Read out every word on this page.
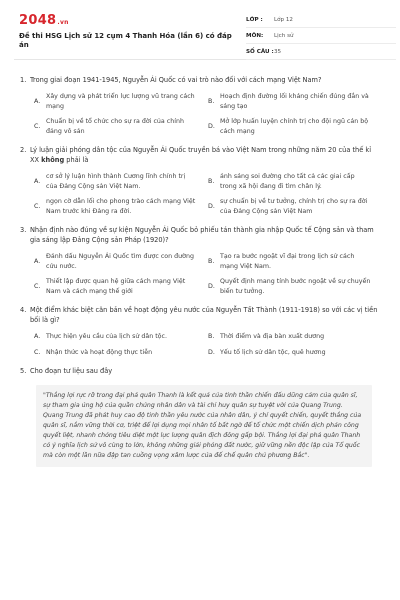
2048.vn
Đề thi HSG Lịch sử 12 cụm 4 Thanh Hóa (lần 6) có đáp án
LỚP :	Lớp 12
MÔN:	Lịch sử
SỐ CÂU : 35
1. Trong giai đoạn 1941-1945, Nguyễn Ái Quốc có vai trò nào đối với cách mạng Việt Nam?
A.
Xây dựng và phát triển lực lượng vũ trang cách mạng
B.
Hoạch định đường lối kháng chiến đúng đắn và sáng tạo
C.
Chuẩn bị về tổ chức cho sự ra đời của chính đảng vô sản
D.
Mở lớp huấn luyện chính trị cho đội ngũ cán bộ cách mạng
2. Lý luận giải phóng dân tộc của Nguyễn Ái Quốc truyền bá vào Việt Nam trong những năm 20 của thế kỉ XX không phải là
A.
cơ sở lý luận hình thành Cương lĩnh chính trị của Đảng Cộng sản Việt Nam.
B.
ánh sáng soi đường cho tất cả các giai cấp trong xã hội đang đi tìm chân lý.
C.
ngọn cờ dẫn lối cho phong trào cách mạng Việt Nam trước khi Đảng ra đời.
D.
sự chuẩn bị về tư tưởng, chính trị cho sự ra đời của Đảng Cộng sản Việt Nam
3. Nhận định nào đúng về sự kiện Nguyễn Ái Quốc bỏ phiếu tán thành gia nhập Quốc tế Cộng sản và tham gia sáng lập Đảng Cộng sản Pháp (1920)?
A.
Đánh dấu Nguyễn Ái Quốc tìm được con đường cứu nước.
B.
Tạo ra bước ngoặt vĩ đại trong lịch sử cách mạng Việt Nam.
C.
Thiết lập được quan hệ giữa cách mạng Việt Nam và cách mạng thế giới
D.
Quyết định mang tính bước ngoặt về sự chuyển biến tư tưởng.
4. Một điểm khác biệt căn bản về hoạt động yêu nước của Nguyễn Tất Thành (1911-1918) so với các vị tiền bối là gì?
A. Thực hiện yêu cầu của lịch sử dân tộc.	B. Thời điểm và địa bàn xuất dương
C. Nhận thức và hoạt động thực tiễn	D. Yếu tố lịch sử dân tộc, quê hương
5. Cho đoạn tư liệu sau đây
"Thắng lợi rực rỡ trong đại phá quân Thanh là kết quả của tinh thần chiến đấu dũng cảm của quân sĩ, sự tham gia ủng hộ của quần chúng nhân dân và tài chỉ huy quân sự tuyệt vời của Quang Trung. Quang Trung đã phát huy cao độ tinh thần yêu nước của nhân dân, ý chí quyết chiến, quyết thắng của quân sĩ, nắm vững thời cơ, triệt để lợi dụng mọi nhân tố bất ngờ để tổ chức một chiến dịch phản công quyết liệt, nhanh chóng tiêu diệt một lực lượng quân địch đông gấp bội. Thắng lợi đại phá quân Thanh có ý nghĩa lịch sử vô cùng to lớn, không những giải phóng đất nước, giữ vững nền độc lập của Tổ quốc mà còn một lần nữa đập tan cuồng vọng xâm lược của đế chế quân chủ phương Bắc".
